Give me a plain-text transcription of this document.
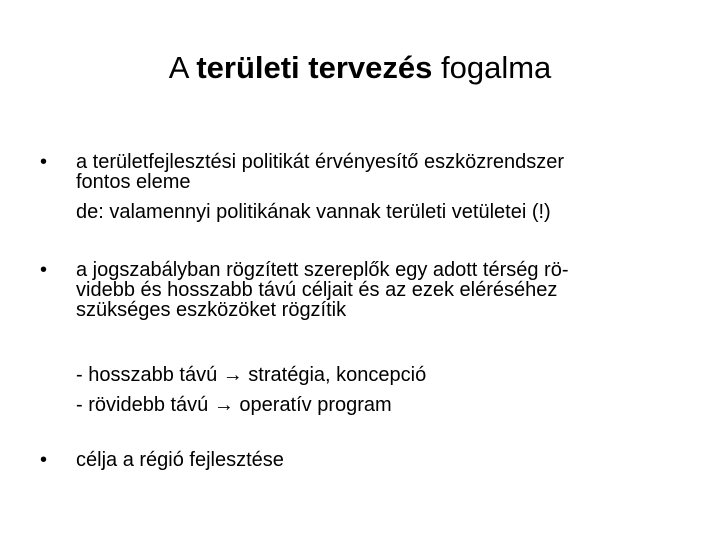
A területi tervezés fogalma
• a területfejlesztési politikát érvényesítő eszközrendszer
fontos eleme
de: valamennyi politikának vannak területi vetületei (!)
• a jogszabályban rögzített szereplők egy adott térség rö-
videbb és hosszabb távú céljait és az ezek eléréséhez
szükséges eszközöket rögzítik
- hosszabb távú → stratégia, koncepció
- rövidebb távú → operatív program
• célja a régió fejlesztése
